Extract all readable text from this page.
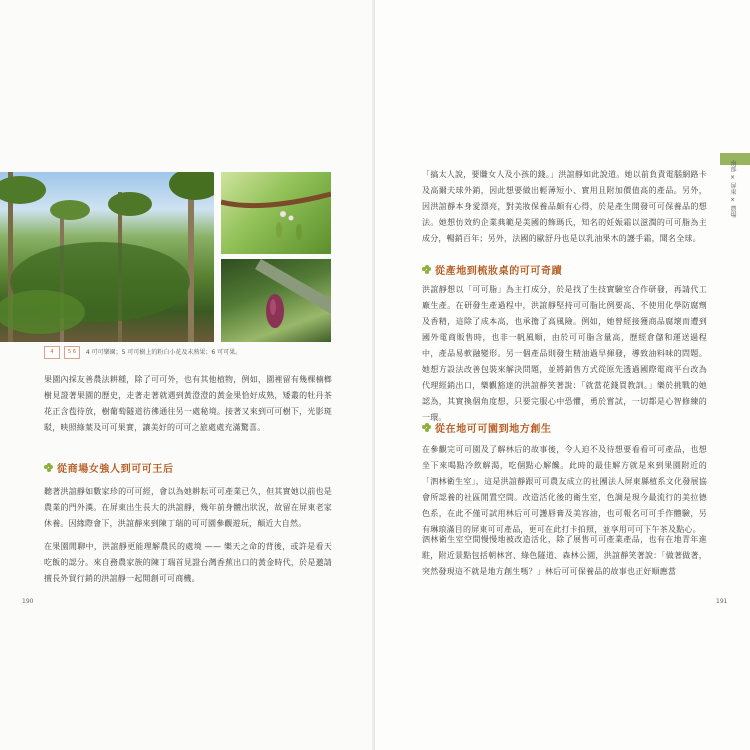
4	5 6 4 可可樂園；5 可可樹上的粉白小花及未熟果；6 可可果。

果園內採友善農法耕種，除了可可外，也有其他植物，例如，園裡留有幾棵楠榔樹見證著果園的歷史，走著走著就遇到黃澄澄的黃金果恰好成熟，矮叢的牡丹茶花正含苞待放，樹葡萄隧道彷彿通往另一處秘境。接著又來到可可樹下，光影斑駁，映照綠葉及可可果實，讓美好的可可之旅處處充滿驚喜。

從商場女強人到可可王后

聽著洪誼靜如數家珍的可可經，會以為她耕耘可可產業已久，但其實她以前也是農業的門外漢。在屏東出生長大的洪誼靜，幾年前身體出狀況，故留在屏東老家休養。因緣際會下，洪誼靜來到陳丁瑞的可可園參觀遊玩，顛近大自然。

在果園閒聊中，洪誼靜更能理解農民的處境 —— 樂天之命的背後，或許是看天吃飯的認分。來自務農家族的陳丁瑞首見證台灣香蕉出口的黃金時代，於是邀請擅長外貿行銷的洪誼靜一起開創可可商機。

190

「搞太人說，要賺女人及小孩的錢。」洪誼靜如此說道。她以前負責電腦網路卡及高爾夫球外銷，因此想要做出輕薄短小、實用且附加價值高的產品。另外，因洪誼靜本身愛漂亮，對美妝保養品頗有心得，於是產生開發可可保養品的想法。她想仿效約企業典範是美國的飾瑪氏，知名的妊娠霜以滋潤的可可脂為主成分，暢銷百年；另外，法國的歐舒丹也是以乳油果木的護手霜，聞名全球。

從產地到梳妝桌的可可奇蹟

洪誼靜想以「可可脂」為主打成分，於是找了生技實驗室合作研發，再請代工廠生產。在研發生產過程中，洪誼靜堅持可可脂比例要高、不使用化學防腐劑及香精，這除了成本高，也承擔了高風險。例如，她曾經接獲商品腐壞而遭到國外電商販售時，也非一帆風順，由於可可脂含量高，歷經倉儲和運送過程中，產品易軟融變形。另一個產品則發生精油過早揮發，導致油料味的問題。她想方設法改善包裝來解決問題，並將銷售方式從原先透過國際電商平台改為代理經銷出口，樂觀豁達的洪誼靜笑著說：「就當花錢買教訓。」樂於挑戰的她認為，其實換個角度想，只要完服心中恐懼，勇於嘗試，一切都是心智修練的一環。

從在地可可園到地方創生

在參觀完可可園及了解林后的故事後，令人迫不及待想要看看可可產品，也想坐下來喝點冷飲解渴，吃個點心解饞。此時的最佳解方就是來到果園附近的「泗林衛生室」，這是洪誼靜跟可可農友成立的社團法人屏東縣植系文化發展協會所認養的社區閒置空間。改造活化後的衛生室，色調是現今最流行的美拉德色系，在此不僅可試用林后可可護唇膏及美容油，也可報名可可手作體驗，另有琳琅滿目的屏東可可產品，更可在此打卡拍照，並享用可可下午茶及點心。

泗林衛生室空間慢慢地被改造活化，除了展售可可產業產品，也有在地青年進駐，附近景點包括朝林宮、綠色隧道、森林公園，洪誼靜笑著說：「做著做著，突然發現這不就是地方創生嗎？」林后可可保養品的故事也正好順應當

191
南部 × 屏東 × 農場
